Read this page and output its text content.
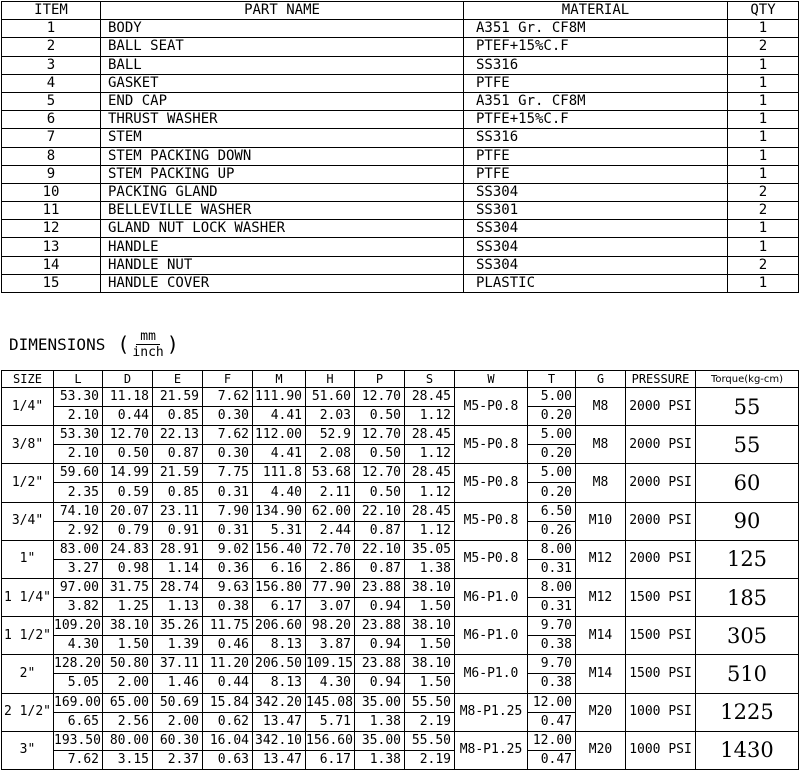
ITEM	PART NAME	MATERIAL	QTY
1	BODY	A351 Gr. CF8M	1
2	BALL SEAT	PTEF+15%C.F	2
3	BALL	SS316	1
4	GASKET	PTFE	1
5	END CAP	A351 Gr. CF8M	1
6	THRUST WASHER	PTFE+15%C.F	1
7	STEM	SS316	1
8	STEM PACKING DOWN	PTFE	1
9	STEM PACKING UP	PTFE	1
10	PACKING GLAND	SS304	2
11	BELLEVILLE WASHER	SS301	2
12	GLAND NUT LOCK WASHER	SS304	1
13	HANDLE	SS304	1
14	HANDLE NUT	SS304	2
15	HANDLE COVER	PLASTIC	1
DIMENSIONS ( $\frac{mm}{\text{inch}}$ )
SIZE	L	D	E	F	M	H	P	S	W	T	G	PRESSURE	Torque(kg-cm)
1/4"	53.30	11.18	21.59	7.62	111.90	51.60	12.70	28.45	M5-P0.8	5.00	M8	2000 PSI	55
	2.10	0.44	0.85	0.30	4.41	2.03	0.50	1.12		0.20			
3/8"	53.30	12.70	22.13	7.62	112.00	52.9	12.70	28.45	M5-P0.8	5.00	M8	2000 PSI	55
	2.10	0.50	0.87	0.30	4.41	2.08	0.50	1.12		0.20			
1/2"	59.60	14.99	21.59	7.75	111.8	53.68	12.70	28.45	M5-P0.8	5.00	M8	2000 PSI	60
	2.35	0.59	0.85	0.31	4.40	2.11	0.50	1.12		0.20			
3/4"	74.10	20.07	23.11	7.90	134.90	62.00	22.10	28.45	M5-P0.8	6.50	M10	2000 PSI	90
	2.92	0.79	0.91	0.31	5.31	2.44	0.87	1.12		0.26			
1"	83.00	24.83	28.91	9.02	156.40	72.70	22.10	35.05	M5-P0.8	8.00	M12	2000 PSI	125
	3.27	0.98	1.14	0.36	6.16	2.86	0.87	1.38		0.31			
1 1/4"	97.00	31.75	28.74	9.63	156.80	77.90	23.88	38.10	M6-P1.0	8.00	M12	1500 PSI	185
	3.82	1.25	1.13	0.38	6.17	3.07	0.94	1.50		0.31			
1 1/2"	109.20	38.10	35.26	11.75	206.60	98.20	23.88	38.10	M6-P1.0	9.70	M14	1500 PSI	305
	4.30	1.50	1.39	0.46	8.13	3.87	0.94	1.50		0.38			
2"	128.20	50.80	37.11	11.20	206.50	109.15	23.88	38.10	M6-P1.0	9.70	M14	1500 PSI	510
	5.05	2.00	1.46	0.44	8.13	4.30	0.94	1.50		0.38			
2 1/2"	169.00	65.00	50.69	15.84	342.20	145.08	35.00	55.50	M8-P1.25	12.00	M20	1000 PSI	1225
	6.65	2.56	2.00	0.62	13.47	5.71	1.38	2.19		0.47			
3"	193.50	80.00	60.30	16.04	342.10	156.60	35.00	55.50	M8-P1.25	12.00	M20	1000 PSI	1430
	7.62	3.15	2.37	0.63	13.47	6.17	1.38	2.19		0.47			
